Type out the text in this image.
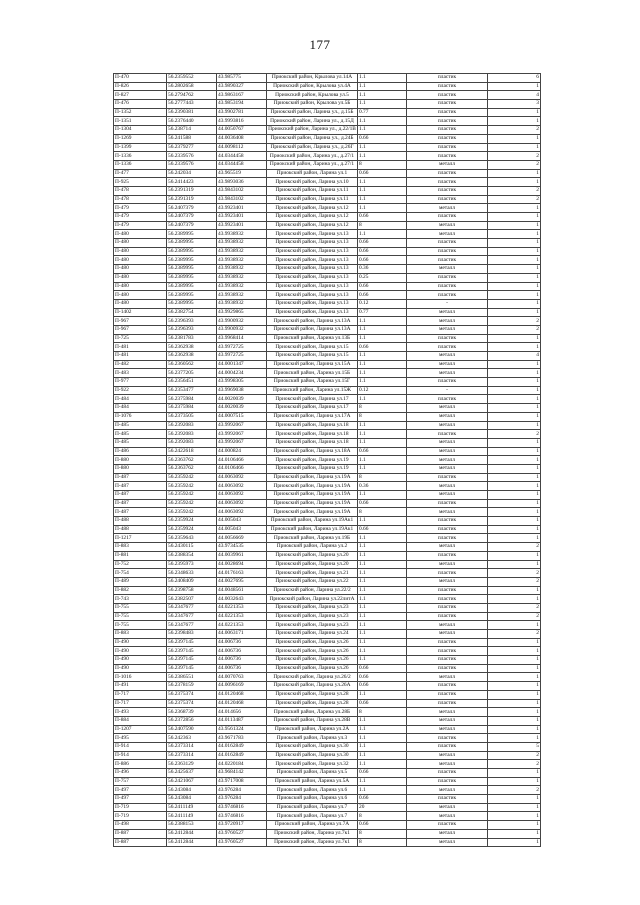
177
П-470	56.2359552	43.985775	Приокский район, Крылова ул.14А	1.1	пластик	6
П-826	56.2802658	43.9890327	Приокский район, Крылова ул.4А	1.1	пластик	1
П-827	56.2794762	43.9863167	Приокский район, Крылова ул.5	1.1	пластик	4
П-476	56.2777443	43.9853194	Приокский район, Крылова ул.5Б	1.1	пластик	3
П-1352	56.2390381	43.9902781	Приокский район, Ларина ул., д.15Б	0.77	пластик	1
П-1351	56.2376440	43.9993816	Приокский район, Ларина ул., д.15Д	1.1	пластик	1
П-1304	56.238714	44.0050767	Приокский район, Ларина ул., д.22/1В	1.1	пластик	2
П-1269	56.241588	44.0036408	Приокский район, Ларина ул., д.24Б	0.66	пластик	1
П-1399	56.2379277	44.0098112	Приокский район, Ларина ул., д.26Г	1.1	пластик	1
П-1336	56.2339576	44.0344458	Приокский район, Ларина ул., д.27/1	1.1	пластик	2
П-1336	56.2339576	44.0344458	Приокский район, Ларина ул., д.27/1	8	металл	2
П-477	56.242034	43.965519	Приокский район, Ларина ул.1	0.66	пластик	1
П-925	56.2414423	43.9893036	Приокский район, Ларина ул.10	1.1	пластик	1
П-478	56.2391319	43.9843102	Приокский район, Ларина ул.11	1.1	пластик	2
П-478	56.2391319	43.9843102	Приокский район, Ларина ул.11	1.1	пластик	2
П-479	56.2407379	43.9923401	Приокский район, Ларина ул.12	1.1	металл	1
П-479	56.2407379	43.9923401	Приокский район, Ларина ул.12	0.66	пластик	1
П-479	56.2407379	43.9923401	Приокский район, Ларина ул.12	8	металл	1
П-480	56.2389995	43.9938932	Приокский район, Ларина ул.13	1.1	металл	1
П-480	56.2389995	43.9938932	Приокский район, Ларина ул.13	0.66	пластик	1
П-480	56.2389995	43.9938932	Приокский район, Ларина ул.13	0.66	пластик	1
П-480	56.2389995	43.9938932	Приокский район, Ларина ул.13	0.66	пластик	1
П-480	56.2389995	43.9938932	Приокский район, Ларина ул.13	0.36	металл	1
П-480	56.2389995	43.9938932	Приокский район, Ларина ул.13	0.25	пластик	1
П-480	56.2389995	43.9938932	Приокский район, Ларина ул.13	0.66	пластик	1
П-480	56.2389995	43.9938932	Приокский район, Ларина ул.13	0.66	пластик	1
П-480	56.2389995	43.9938932	Приокский район, Ларина ул.13	0.12	-	1
П-1402	56.2382754	43.9929865	Приокский район, Ларина ул.13	0.77	металл	1
П-967	56.2396393	43.9900932	Приокский район, Ларина ул.13А	1.1	металл	2
П-967	56.2396393	43.9900932	Приокский район, Ларина ул.13А	1.1	металл	2
П-725	56.2381783	43.9968414	Приокский район, Ларина ул.13Б	1.1	пластик	1
П-481	56.2362938	43.9972725	Приокский район, Ларина ул.15	0.66	пластик	1
П-481	56.2362938	43.9972725	Приокский район, Ларина ул.15	1.1	металл	4
П-482	56.2360562	44.0001347	Приокский район, Ларина ул.15А	1.1	металл	1
П-483	56.2377205	44.0004234	Приокский район, Ларина ул.15Б	1.1	металл	1
П-977	56.2356451	43.9998305	Приокский район, Ларина ул.15Г	1.1	пластик	1
П-922	56.2353477	43.9969038	Приокский район, Ларина ул.15Ж	0.12	-	1
П-484	56.2375984	44.0020039	Приокский район, Ларина ул.17	1.1	пластик	1
П-484	56.2375984	44.0020039	Приокский район, Ларина ул.17	8	металл	1
П-1076	56.2373505	44.0007515	Приокский район, Ларина ул.17А	8	металл	1
П-485	56.2392083	43.9992067	Приокский район, Ларина ул.18	1.1	металл	1
П-485	56.2392083	43.9992067	Приокский район, Ларина ул.18	1.1	пластик	2
П-485	56.2392083	43.9992067	Приокский район, Ларина ул.18	1.1	металл	1
П-486	56.2422618	44.000824	Приокский район, Ларина ул.18А	0.66	металл	1
П-880	56.2363762	44.0106466	Приокский район, Ларина ул.19	1.1	металл	1
П-880	56.2363762	44.0106466	Приокский район, Ларина ул.19	1.1	металл	1
П-487	56.2359242	44.0063092	Приокский район, Ларина ул.19А	8	пластик	1
П-487	56.2359242	44.0063092	Приокский район, Ларина ул.19А	0.36	металл	1
П-487	56.2359242	44.0063092	Приокский район, Ларина ул.19А	1.1	металл	1
П-487	56.2359242	44.0063092	Приокский район, Ларина ул.19А	0.66	пластик	1
П-487	56.2359242	44.0063092	Приокский район, Ларина ул.19А	8	металл	1
П-488	56.2359924	44.005043	Приокский район, Ларина ул.19Ак1	1.1	пластик	1
П-488	56.2359924	44.005043	Приокский район, Ларина ул.19Ак1	0.66	пластик	1
П-1217	56.2359643	44.0056669	Приокский район, Ларина ул.19Б	1.1	пластик	1
П-883	56.2430115	43.9734535	Приокский район, Ларина ул.2	1.1	металл	2
П-881	56.2388354	44.0039961	Приокский район, Ларина ул.20	1.1	пластик	1
П-752	56.2395973	44.0028694	Приокский район, Ларина ул.20	1.1	металл	1
П-754	56.2348633	44.0176163	Приокский район, Ларина ул.21	1.1	пластик	2
П-489	56.2408409	44.0027695	Приокский район, Ларина ул.22	1.1	металл	2
П-882	56.2398758	44.0048561	Приокский район, Ларина ул.22/2	1.1	пластик	1
П-743	56.2382507	44.0032643	Приокский район, Ларина ул.22литА	1.1	пластик	1
П-755	56.2347677	44.0221353	Приокский район, Ларина ул.23	1.1	пластик	2
П-755	56.2347677	44.0221353	Приокский район, Ларина ул.23	1.1	пластик	2
П-755	56.2347677	44.0221353	Приокский район, Ларина ул.23	1.1	металл	1
П-883	56.2398483	44.0063171	Приокский район, Ларина ул.24	1.1	металл	2
П-490	56.2397145	44.006736	Приокский район, Ларина ул.26	1.1	пластик	1
П-490	56.2397145	44.006736	Приокский район, Ларина ул.26	1.1	пластик	1
П-490	56.2397145	44.006736	Приокский район, Ларина ул.26	1.1	пластик	1
П-490	56.2397145	44.006736	Приокский район, Ларина ул.26	0.66	пластик	1
П-1016	56.2386551	44.0070763	Приокский район, Ларина ул.26/2	0.66	металл	1
П-491	56.2378159	44.0096169	Приокский район, Ларина ул.26А	0.66	пластик	1
П-717	56.2375374	44.0120468	Приокский район, Ларина ул.28	1.1	пластик	1
П-717	56.2375374	44.0120468	Приокский район, Ларина ул.28	0.66	пластик	1
П-493	56.2368739	44.014656	Приокский район, Ларина ул.28Б	8	металл	1
П-884	56.2372856	44.0113487	Приокский район, Ларина ул.28В	1.1	металл	1
П-1207	56.2407590	43.9561324	Приокский район, Ларина ул.2А	1.1	металл	1
П-495	56.242363	43.9671783	Приокский район, Ларина ул.3	1.1	пластик	1
П-914	56.2373314	44.0162849	Приокский район, Ларина ул.30	1.1	пластик	5
П-914	56.2373314	44.0162849	Приокский район, Ларина ул.30	1.1	металл	2
П-886	56.2363129	44.0220184	Приокский район, Ларина ул.32	1.1	металл	2
П-496	56.2425637	43.9684142	Приокский район, Ларина ул.5	0.66	пластик	1
П-757	56.2421067	43.9717008	Приокский район, Ларина ул.5А	1.1	пластик	1
П-497	56.243084	43.976284	Приокский район, Ларина ул.6	1.1	металл	2
П-497	56.243084	43.976284	Приокский район, Ларина ул.6	0.66	пластик	1
П-719	56.2411149	43.9746816	Приокский район, Ларина ул.7	20	металл	1
П-719	56.2411149	43.9746816	Приокский район, Ларина ул.7	8	металл	1
П-498	56.2388153	43.9720917	Приокский район, Ларина ул.7А	0.66	пластик	1
П-887	56.2412844	43.9760527	Приокский район, Ларина ул.7к1	8	металл	1
П-887	56.2412844	43.9760527	Приокский район, Ларина ул.7к1	8	металл	1
